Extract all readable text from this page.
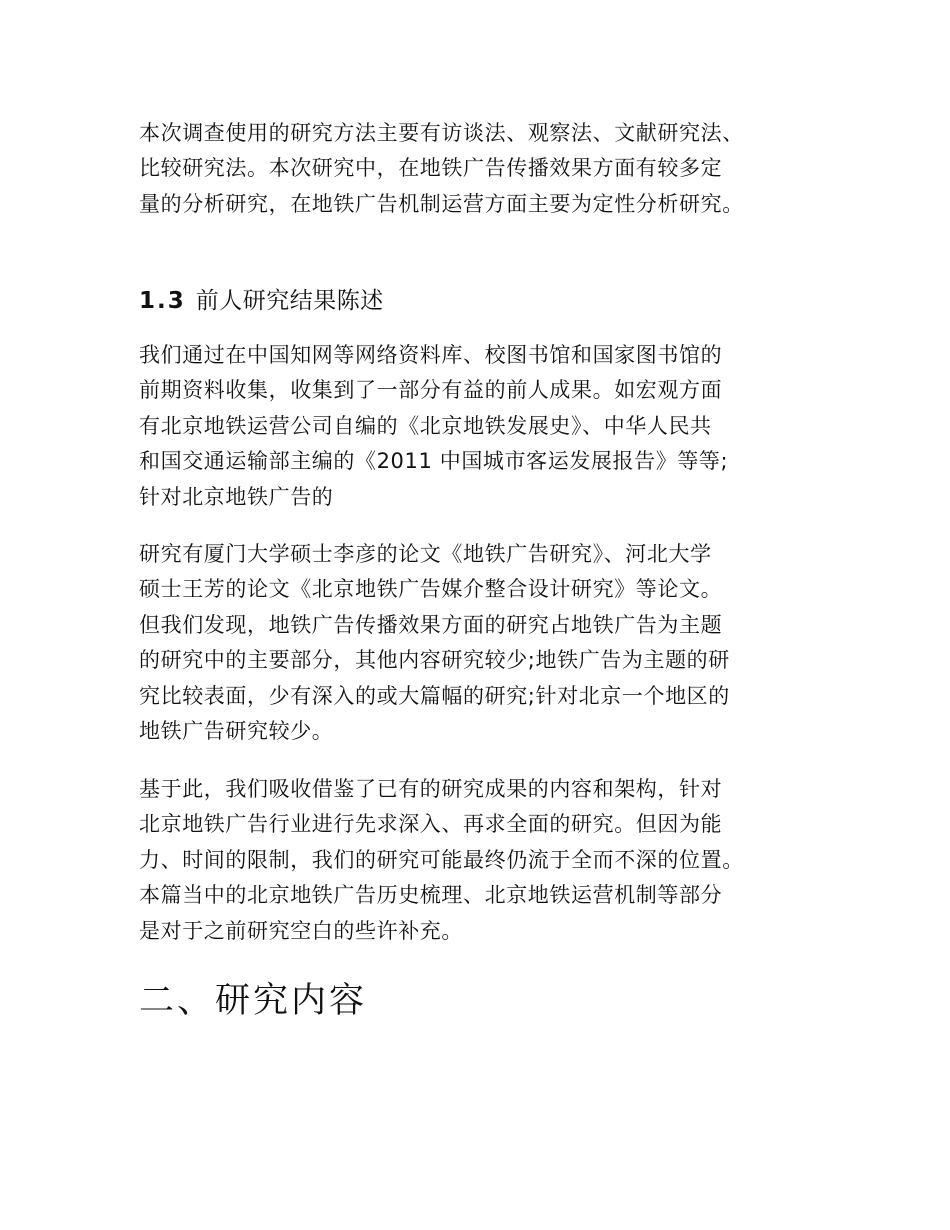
本次调查使用的研究方法主要有访谈法、观察法、文献研究法、
比较研究法。本次研究中，在地铁广告传播效果方面有较多定
量的分析研究，在地铁广告机制运营方面主要为定性分析研究。

1.3 前人研究结果陈述

我们通过在中国知网等网络资料库、校图书馆和国家图书馆的
前期资料收集，收集到了一部分有益的前人成果。如宏观方面
有北京地铁运营公司自编的《北京地铁发展史》、中华人民共
和国交通运输部主编的《2011 中国城市客运发展报告》等等;
针对北京地铁广告的

研究有厦门大学硕士李彦的论文《地铁广告研究》、河北大学
硕士王芳的论文《北京地铁广告媒介整合设计研究》等论文。
但我们发现，地铁广告传播效果方面的研究占地铁广告为主题
的研究中的主要部分，其他内容研究较少;地铁广告为主题的研
究比较表面，少有深入的或大篇幅的研究;针对北京一个地区的
地铁广告研究较少。

基于此，我们吸收借鉴了已有的研究成果的内容和架构，针对
北京地铁广告行业进行先求深入、再求全面的研究。但因为能
力、时间的限制，我们的研究可能最终仍流于全而不深的位置。
本篇当中的北京地铁广告历史梳理、北京地铁运营机制等部分
是对于之前研究空白的些许补充。

二、研究内容
